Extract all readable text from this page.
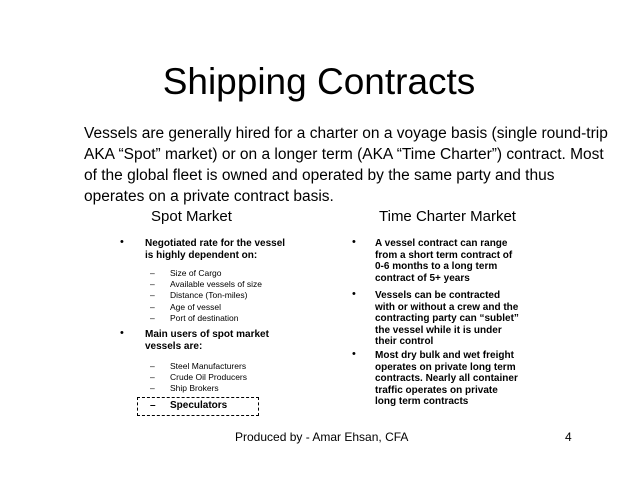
Shipping Contracts
Vessels are generally hired for a charter on a voyage basis (single round-trip
AKA “Spot” market) or on a longer term (AKA “Time Charter”) contract. Most
of the global fleet is owned and operated by the same party and thus
operates on a private contract basis.
Spot Market
• Negotiated rate for the vessel
is highly dependent on:
–	Size of Cargo
–	Available vessels of size
–	Distance (Ton-miles)
–	Age of vessel
–	Port of destination
• Main users of spot market
vessels are:
–	Steel Manufacturers
–	Crude Oil Producers
–	Ship Brokers
–	Speculators
Time Charter Market
• A vessel contract can range
from a short term contract of
0-6 months to a long term
contract of 5+ years
• Vessels can be contracted
with or without a crew and the
contracting party can “sublet”
the vessel while it is under
their control
• Most dry bulk and wet freight
operates on private long term
contracts. Nearly all container
traffic operates on private
long term contracts
Produced by - Amar Ehsan, CFA	4
